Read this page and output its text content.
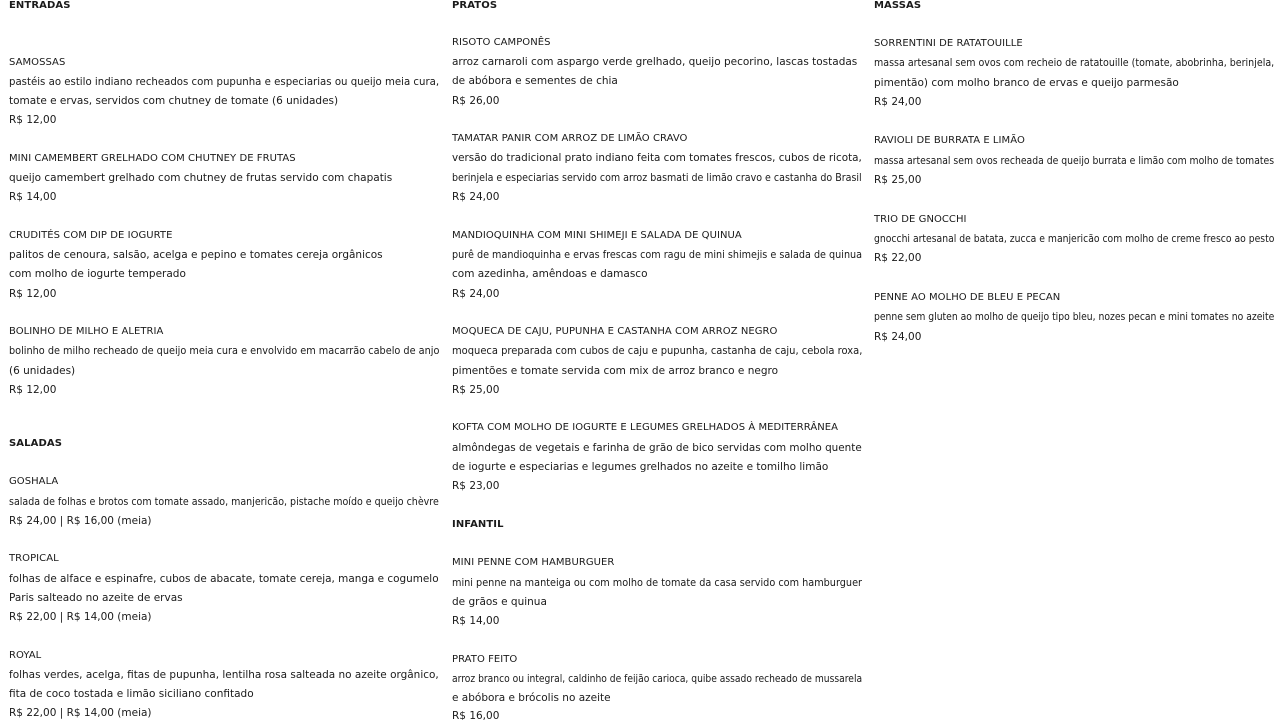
ENTRADAS
SAMOSSAS
pastéis ao estilo indiano recheados com pupunha e especiarias ou queijo meia cura,
tomate e ervas, servidos com chutney de tomate (6 unidades)
R$ 12,00
MINI CAMEMBERT GRELHADO COM CHUTNEY DE FRUTAS
queijo camembert grelhado com chutney de frutas servido com chapatis
R$ 14,00
CRUDITÉS COM DIP DE IOGURTE
palitos de cenoura, salsão, acelga e pepino e tomates cereja orgânicos
com molho de iogurte temperado
R$ 12,00
BOLINHO DE MILHO E ALETRIA
bolinho de milho recheado de queijo meia cura e envolvido em macarrão cabelo de anjo
(6 unidades)
R$ 12,00
SALADAS
GOSHALA
salada de folhas e brotos com tomate assado, manjericão, pistache moído e queijo chèvre
R$ 24,00 | R$ 16,00 (meia)
TROPICAL
folhas de alface e espinafre, cubos de abacate, tomate cereja, manga e cogumelo
Paris salteado no azeite de ervas
R$ 22,00 | R$ 14,00 (meia)
ROYAL
folhas verdes, acelga, fitas de pupunha, lentilha rosa salteada no azeite orgânico,
fita de coco tostada e limão siciliano confitado
R$ 22,00 | R$ 14,00 (meia)
PRATOS
RISOTO CAMPONÊS
arroz carnaroli com aspargo verde grelhado, queijo pecorino, lascas tostadas
de abóbora e sementes de chia
R$ 26,00
TAMATAR PANIR COM ARROZ DE LIMÃO CRAVO
versão do tradicional prato indiano feita com tomates frescos, cubos de ricota,
berinjela e especiarias servido com arroz basmati de limão cravo e castanha do Brasil
R$ 24,00
MANDIOQUINHA COM MINI SHIMEJI E SALADA DE QUINUA
purê de mandioquinha e ervas frescas com ragu de mini shimejis e salada de quinua
com azedinha, amêndoas e damasco
R$ 24,00
MOQUECA DE CAJU, PUPUNHA E CASTANHA COM ARROZ NEGRO
moqueca preparada com cubos de caju e pupunha, castanha de caju, cebola roxa,
pimentões e tomate servida com mix de arroz branco e negro
R$ 25,00
KOFTA COM MOLHO DE IOGURTE E LEGUMES GRELHADOS À MEDITERRÂNEA
almôndegas de vegetais e farinha de grão de bico servidas com molho quente
de iogurte e especiarias e legumes grelhados no azeite e tomilho limão
R$ 23,00
INFANTIL
MINI PENNE COM HAMBURGUER
mini penne na manteiga ou com molho de tomate da casa servido com hamburguer
de grãos e quinua
R$ 14,00
PRATO FEITO
arroz branco ou integral, caldinho de feijão carioca, quibe assado recheado de mussarela
e abóbora e brócolis no azeite
R$ 16,00
MASSAS
SORRENTINI DE RATATOUILLE
massa artesanal sem ovos com recheio de ratatouille (tomate, abobrinha, berinjela,
pimentão) com molho branco de ervas e queijo parmesão
R$ 24,00
RAVIOLI DE BURRATA E LIMÃO
massa artesanal sem ovos recheada de queijo burrata e limão com molho de tomates
R$ 25,00
TRIO DE GNOCCHI
gnocchi artesanal de batata, zucca e manjericão com molho de creme fresco ao pesto
R$ 22,00
PENNE AO MOLHO DE BLEU E PECAN
penne sem gluten ao molho de queijo tipo bleu, nozes pecan e mini tomates no azeite
R$ 24,00
